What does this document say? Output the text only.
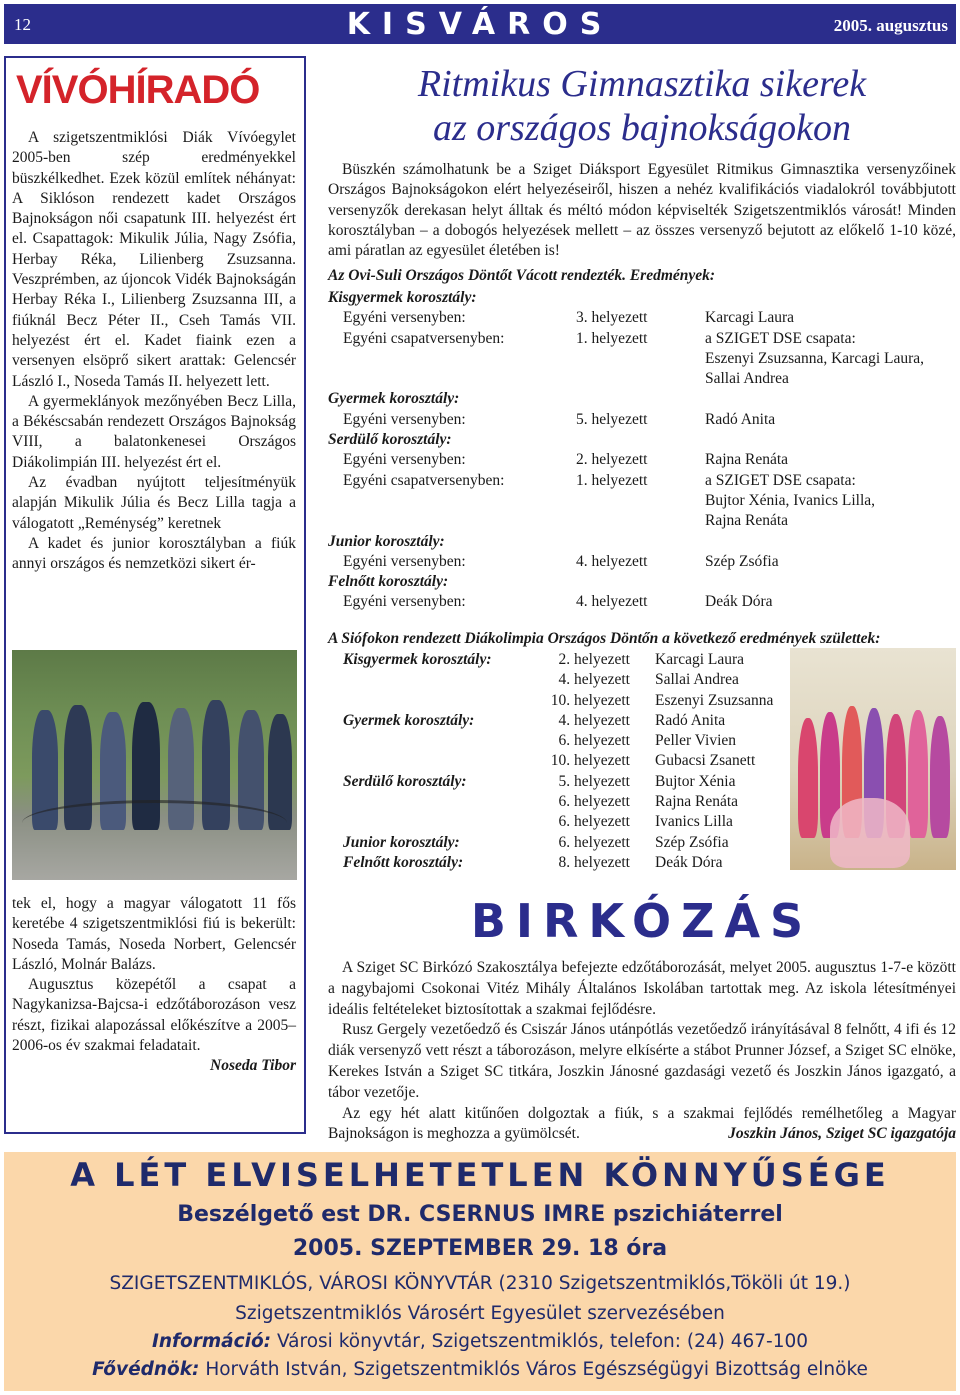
12	KISVÁROS	2005. augusztus
VÍVÓHÍRADÓ

A szigetszentmiklósi Diák Vívóegylet 2005-ben szép eredményekkel büszkélkedhet. Ezek közül említek néhányat: A Siklóson rendezett kadet Országos Bajnokságon női csapatunk III. helyezést ért el. Csapattagok: Mikulik Júlia, Nagy Zsófia, Herbay Réka, Lilienberg Zsuzsanna. Veszprémben, az újoncok Vidék Bajnokságán Herbay Réka I., Lilienberg Zsuzsanna III, a fiúknál Becz Péter II., Cseh Tamás VII. helyezést ért el. Kadet fiaink ezen a versenyen elsöprő sikert arattak: Gelencsér László I., Noseda Tamás II. helyezett lett.

A gyermeklányok mezőnyében Becz Lilla, a Békéscsabán rendezett Országos Bajnokság VIII, a balatonkenesei Országos Diákolimpián III. helyezést ért el.

Az évadban nyújtott teljesítményük alapján Mikulik Júlia és Becz Lilla tagja a válogatott „Reménység” keretnek

A kadet és junior korosztályban a fiúk annyi országos és nemzetközi sikert ér-

tek el, hogy a magyar válogatott 11 fős keretébe 4 szigetszentmiklósi fiú is bekerült: Noseda Tamás, Noseda Norbert, Gelencsér László, Molnár Balázs.

Augusztus közepétől a csapat a Nagykanizsa-Bajcsa-i edzőtáborozáson vesz részt, fizikai alapozással előkészítve a 2005–2006-os év szakmai feladatait.

Noseda Tibor

Ritmikus Gimnasztika sikerek
az országos bajnokságokon
Büszkén számolhatunk be a Sziget Diáksport Egyesület Ritmikus Gimnasztika versenyzőinek Országos Bajnokságokon elért helyezéseiről, hiszen a nehéz kvalifikációs viadalokról továbbjutott versenyzők derekasan helyt álltak és méltó módon képviselték Szigetszentmiklós városát! Minden korosztályban – a dobogós helyezések mellett – az összes versenyző bejutott az előkelő 1-10 közé, ami páratlan az egyesület életében is!
Az Ovi-Suli Országos Döntőt Vácott rendezték. Eredmények:
Kisgyermek korosztály:
Egyéni versenyben:	3. helyezett	Karcagi Laura
Egyéni csapatversenyben:	1. helyezett	a SZIGET DSE csapata:
Eszenyi Zsuzsanna, Karcagi Laura,
Sallai Andrea
Gyermek korosztály:
Egyéni versenyben:	5. helyezett	Radó Anita
Serdülő korosztály:
Egyéni versenyben:	2. helyezett	Rajna Renáta
Egyéni csapatversenyben:	1. helyezett	a SZIGET DSE csapata:
Bujtor Xénia, Ivanics Lilla,
Rajna Renáta
Junior korosztály:
Egyéni versenyben:	4. helyezett	Szép Zsófia
Felnőtt korosztály:
Egyéni versenyben:	4. helyezett	Deák Dóra
A Siófokon rendezett Diákolimpia Országos Döntőn a következő eredmények születtek:
Kisgyermek korosztály:	2. helyezett Karcagi Laura
4. helyezett Sallai Andrea
10. helyezett Eszenyi Zsuzsanna
Gyermek korosztály:	4. helyezett Radó Anita
6. helyezett Peller Vivien
10. helyezett Gubacsi Zsanett
Serdülő korosztály:	5. helyezett Bujtor Xénia
6. helyezett Rajna Renáta
6. helyezett Ivanics Lilla
Junior korosztály:	6. helyezett Szép Zsófia
Felnőtt korosztály:	8. helyezett Deák Dóra
BIRKÓZÁS

A Sziget SC Birkózó Szakosztálya befejezte edzőtáborozását, melyet 2005. augusztus 1-7-e között a nagybajomi Csokonai Vitéz Mihály Általános Iskolában tartottak meg. Az iskola létesítményei ideális feltételeket biztosítottak a szakmai fejlődésre.

Rusz Gergely vezetőedző és Csiszár János utánpótlás vezetőedző irányításával 8 felnőtt, 4 ifi és 12 diák versenyző vett részt a táborozáson, melyre elkísérte a stábot Prunner József, a Sziget SC elnöke, Kerekes István a Sziget SC titkára, Joszkin Jánosné gazdasági vezető és Joszkin János igazgató, a tábor vezetője.

Az egy hét alatt kitűnően dolgoztak a fiúk, s a szakmai fejlődés remélhetőleg a Magyar Bajnokságon is meghozza a gyümölcsét.	Joszkin János, Sziget SC igazgatója

A LÉT ELVISELHETETLEN KÖNNYŰSÉGE
Beszélgető est DR. CSERNUS IMRE pszichiáterrel
2005. SZEPTEMBER 29. 18 óra
SZIGETSZENTMIKLÓS, VÁROSI KÖNYVTÁR (2310 Szigetszentmiklós,Tököli út 19.)
Szigetszentmiklós Városért Egyesület szervezésében
Információ: Városi könyvtár, Szigetszentmiklós, telefon: (24) 467-100
Fővédnök: Horváth István, Szigetszentmiklós Város Egészségügyi Bizottság elnöke
